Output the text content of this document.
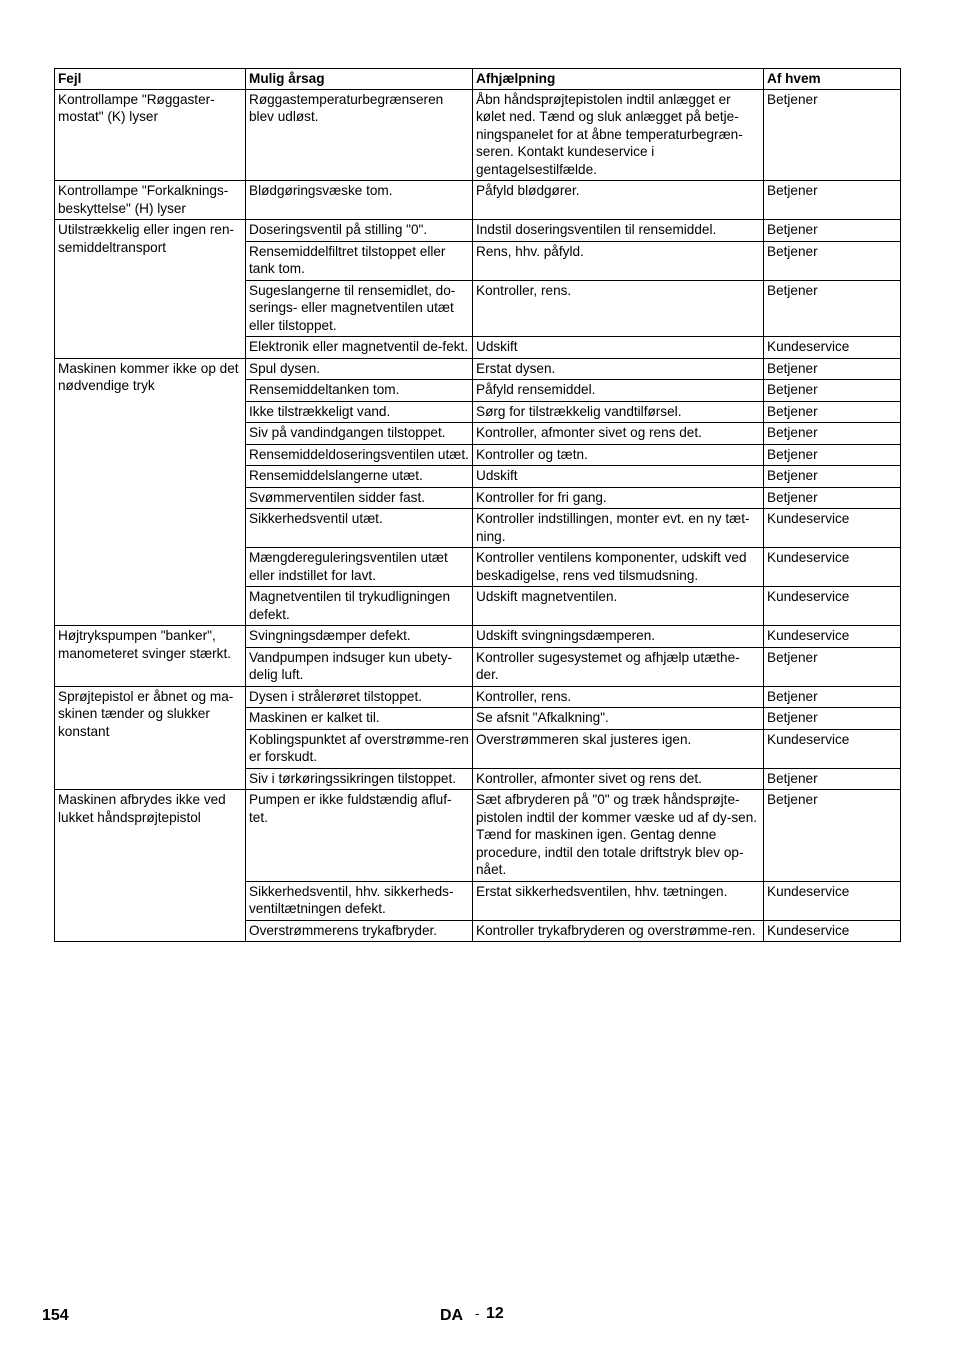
Fejl	Mulig årsag	Afhjælpning	Af hvem
Kontrollampe "Røggaster-mostat" (K) lyser	Røggastemperaturbegrænseren blev udløst.	Åbn håndsprøjtepistolen indtil anlægget er kølet ned. Tænd og sluk anlægget på betje-ningspanelet for at åbne temperaturbegræn-seren. Kontakt kundeservice i gentagelsestilfælde.	Betjener
Kontrollampe "Forkalknings-beskyttelse" (H) lyser	Blødgøringsvæske tom.	Påfyld blødgører.	Betjener
Utilstrækkelig eller ingen ren-semiddeltransport	Doseringsventil på stilling "0".	Indstil doseringsventilen til rensemiddel.	Betjener
	Rensemiddelfiltret tilstoppet eller tank tom.	Rens, hhv. påfyld.	Betjener
	Sugeslangerne til rensemidlet, do-serings- eller magnetventilen utæt eller tilstoppet.	Kontroller, rens.	Betjener
	Elektronik eller magnetventil de-fekt.	Udskift	Kundeservice
Maskinen kommer ikke op det nødvendige tryk	Spul dysen.	Erstat dysen.	Betjener
	Rensemiddeltanken tom.	Påfyld rensemiddel.	Betjener
	Ikke tilstrækkeligt vand.	Sørg for tilstrækkelig vandtilførsel.	Betjener
	Siv på vandindgangen tilstoppet.	Kontroller, afmonter sivet og rens det.	Betjener
	Rensemiddeldoseringsventilen utæt.	Kontroller og tætn.	Betjener
	Rensemiddelslangerne utæt.	Udskift	Betjener
	Svømmerventilen sidder fast.	Kontroller for fri gang.	Betjener
	Sikkerhedsventil utæt.	Kontroller indstillingen, monter evt. en ny tæt-ning.	Kundeservice
	Mængdereguleringsventilen utæt eller indstillet for lavt.	Kontroller ventilens komponenter, udskift ved beskadigelse, rens ved tilsmudsning.	Kundeservice
	Magnetventilen til trykudligningen defekt.	Udskift magnetventilen.	Kundeservice
Højtrykspumpen "banker", manometeret svinger stærkt.	Svingningsdæmper defekt.	Udskift svingningsdæmperen.	Kundeservice
	Vandpumpen indsuger kun ubety-delig luft.	Kontroller sugesystemet og afhjælp utæthe-der.	Betjener
Sprøjtepistol er åbnet og ma-skinen tænder og slukker konstant	Dysen i strålerøret tilstoppet.	Kontroller, rens.	Betjener
	Maskinen er kalket til.	Se afsnit "Afkalkning".	Betjener
	Koblingspunktet af overstrømme-ren er forskudt.	Overstrømmeren skal justeres igen.	Kundeservice
	Siv i tørkøringssikringen tilstoppet.	Kontroller, afmonter sivet og rens det.	Betjener
Maskinen afbrydes ikke ved lukket håndsprøjtepistol	Pumpen er ikke fuldstændig afluf-tet.	Sæt afbryderen på "0" og træk håndsprøjte-pistolen indtil der kommer væske ud af dy-sen. Tænd for maskinen igen. Gentag denne procedure, indtil den totale driftstryk blev op-nået.	Betjener
	Sikkerhedsventil, hhv. sikkerheds-ventiltætningen defekt.	Erstat sikkerhedsventilen, hhv. tætningen.	Kundeservice
	Overstrømmerens trykafbryder.	Kontroller trykafbryderen og overstrømme-ren.	Kundeservice
154	DA - 12
